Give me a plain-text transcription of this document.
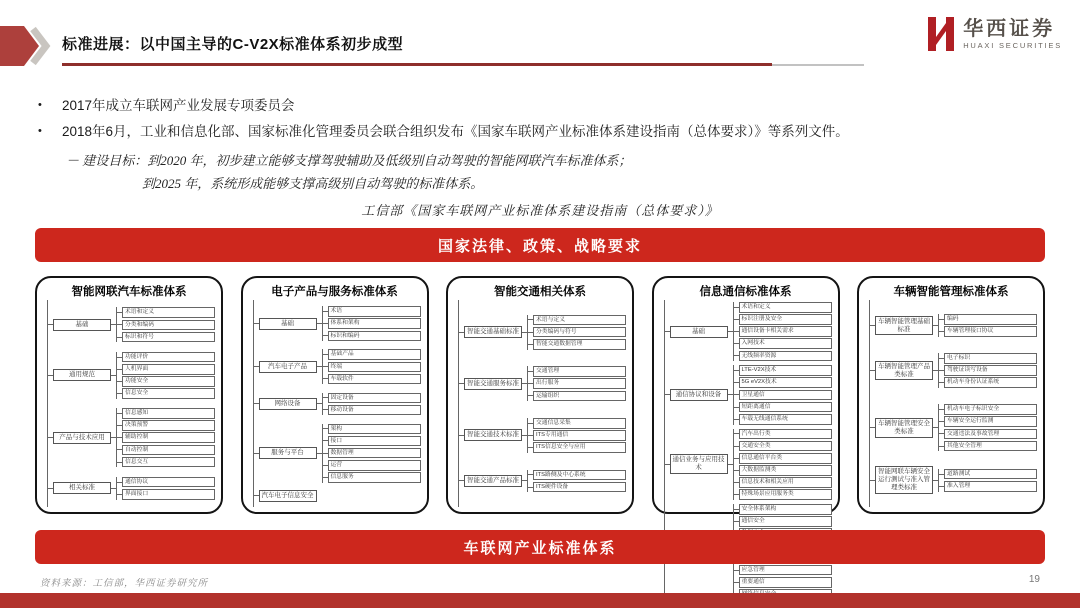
标准进展：以中国主导的C-V2X标准体系初步成型
华西证券
HUAXI SECURITIES
•	2017年成立车联网产业发展专项委员会
•	2018年6月，工业和信息化部、国家标准化管理委员会联合组织发布《国家车联网产业标准体系建设指南（总体要求）》等系列文件。
－ 建设目标：到2020 年，初步建立能够支撑驾驶辅助及低级别自动驾驶的智能网联汽车标准体系；
到2025 年，系统形成能够支撑高级别自动驾驶的标准体系。
工信部《国家车联网产业标准体系建设指南（总体要求）》
国家法律、政策、战略要求
智能网联汽车标准体系
基础
术语和定义
分类和编码
标识和符号
通用规范
功能评价
人机界面
功能安全
信息安全
产品与技术应用
信息感知
决策预警
辅助控制
自动控制
信息交互
相关标准
通信协议
界面接口
电子产品与服务标准体系
基础
术语
体系和架构
标识和编码
汽车电子产品
基础产品
终端
车载软件
网络设备
固定设备
移动设备
服务与平台
架构
接口
数据管理
运营
信息服务
汽车电子信息安全
智能交通相关体系
智能交通基础标准
术语与定义
分类编码与符号
智能交通数据管理
智能交通服务标准
交通管理
出行服务
运输组织
智能交通技术标准
交通信息采集
ITS专用通信
ITS信息安全与应用
智能交通产品标准
ITS路侧及中心系统
ITS硬件设备
信息通信标准体系
基础
术语和定义
标识注册及安全
通信设备卡相关需求
入网技术
无线频率资源
通信协议和设备
LTE-V2X技术
5G eV2X技术
卫星通信
短距离通信
车载无线通信系统
通信业务与应用技术
汽车出行类
交通安全类
信息通信平台类
大数据监测类
信息技术和相关应用
特殊场景应用服务类
安全体系架构
通信安全
应急管理
重要通信
车辆智能管理标准体系
车辆智能管理基础标准
编码
车辆管理接口协议
车辆智能管理产品类标准
电子标识
驾驶证读写设备
机动车身份认证系统
车辆智能管理安全类标准
机动车电子标识安全
车辆安全运行监测
交通违法及事故管理
其他安全管理
智能网联车辆安全运行测试与准入管理类标准
道路测试
准入管理
车联网产业标准体系
资料来源：工信部，华西证券研究所	19
